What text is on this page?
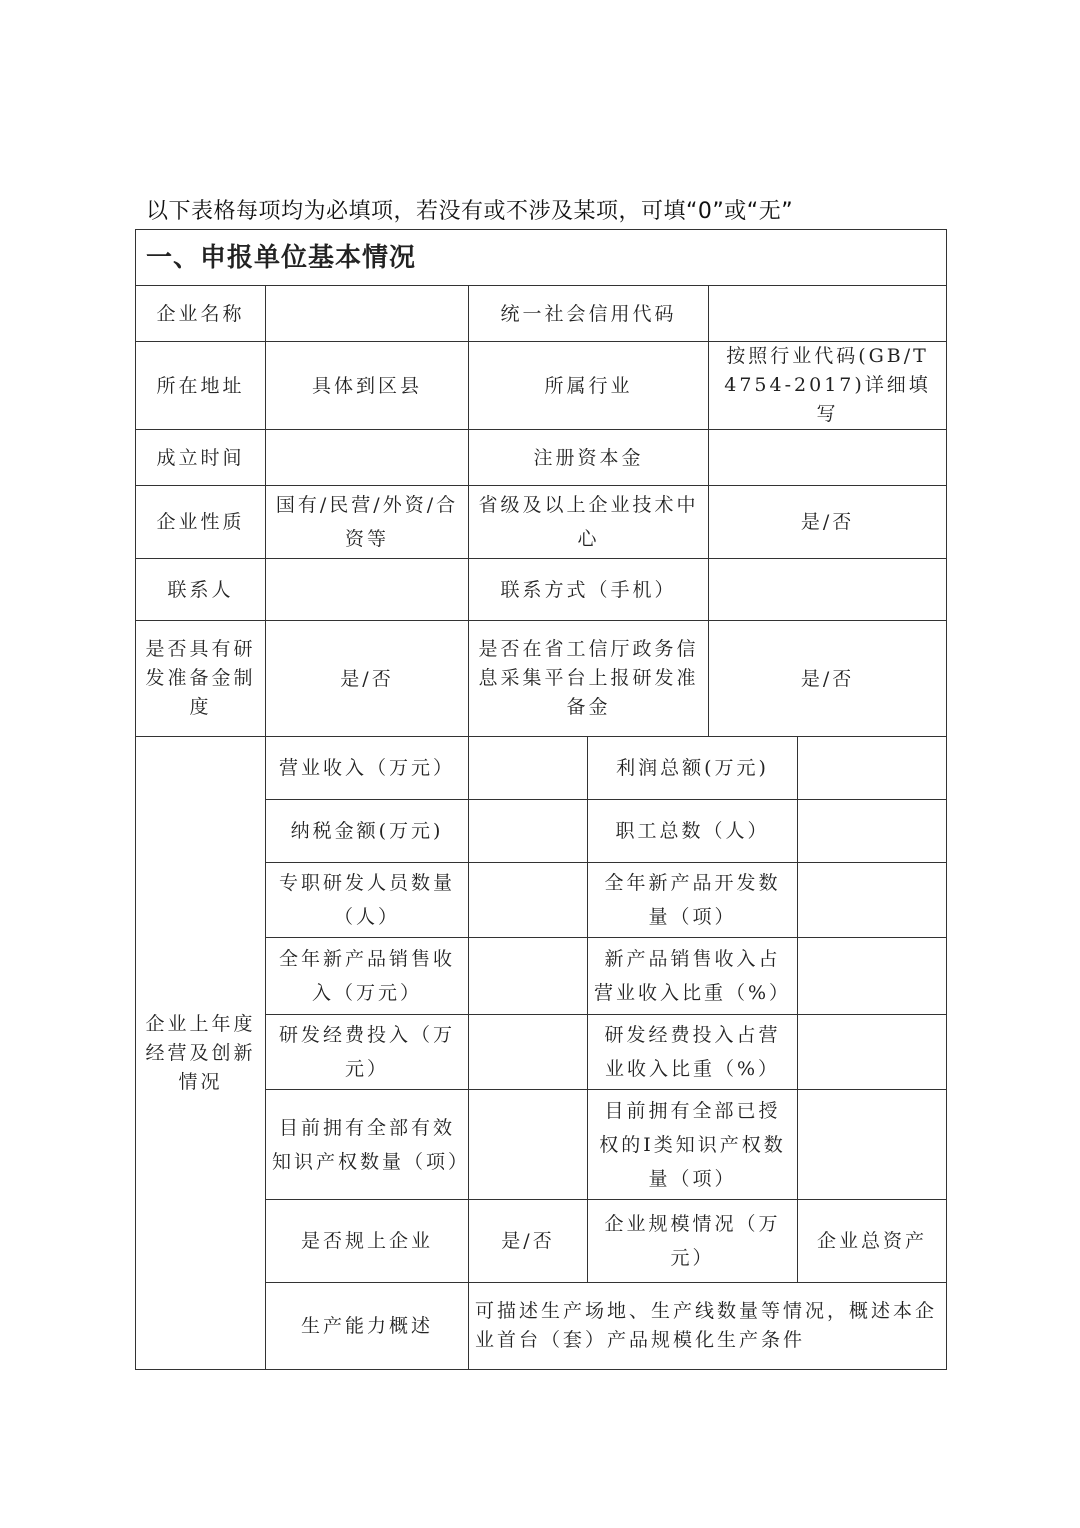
以下表格每项均为必填项，若没有或不涉及某项，可填“0”或“无”
一、申报单位基本情况					
企业名称		统一社会信用代码			
所在地址	具体到区县	所属行业		按照行业代码(GB/T 4754-2017)详细填写	
成立时间		注册资本金			
企业性质	国有/民营/外资/合资等	省级及以上企业技术中心		是/否	
联系人		联系方式（手机）			
是否具有研发准备金制度	是/否	是否在省工信厅政务信息采集平台上报研发准备金		是/否	
企业上年度经营及创新情况	营业收入（万元）		利润总额(万元)		
	纳税金额(万元)		职工总数（人）		
	专职研发人员数量（人）		全年新产品开发数量（项）		
	全年新产品销售收入（万元）		新产品销售收入占营业收入比重（%）		
	研发经费投入（万元）		研发经费投入占营业收入比重（%）		
	目前拥有全部有效知识产权数量（项）		目前拥有全部已授权的I类知识产权数量（项）		
	是否规上企业	是/否	企业规模情况（万元）		企业总资产
	生产能力概述	可描述生产场地、生产线数量等情况，概述本企业首台（套）产品规模化生产条件			
